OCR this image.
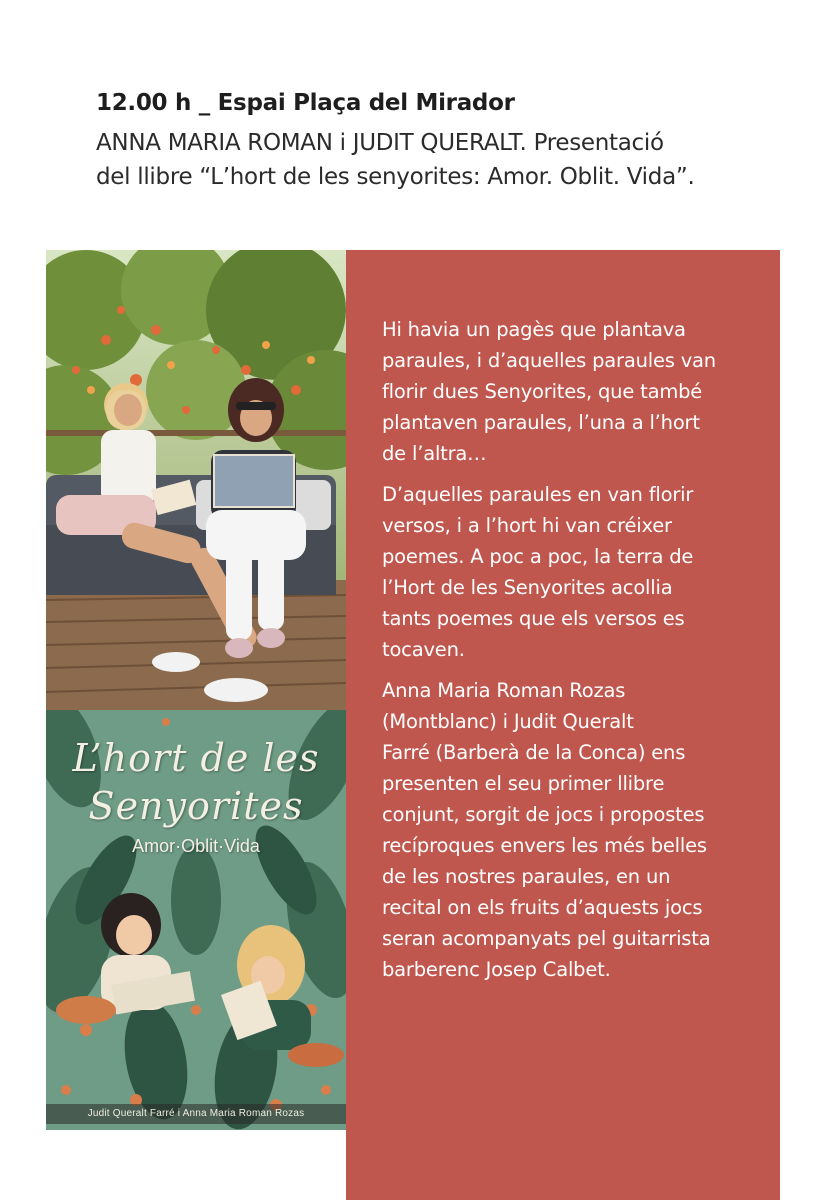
12.00 h _ Espai Plaça del Mirador
ANNA MARIA ROMAN i JUDIT QUERALT. Presentació
del llibre “L’hort de les senyorites: Amor. Oblit. Vida”.
L’hort de les
Senyorites
Amor·Oblit·Vida
Judit Queralt Farré i Anna Maria Roman Rozas

Hi havia un pagès que plantava
paraules, i d’aquelles paraules van
florir dues Senyorites, que també
plantaven paraules, l’una a l’hort
de l’altra…

D’aquelles paraules en van florir
versos, i a l’hort hi van créixer
poemes. A poc a poc, la terra de
l’Hort de les Senyorites acollia
tants poemes que els versos es
tocaven.

Anna Maria Roman Rozas
(Montblanc) i Judit Queralt
Farré (Barberà de la Conca) ens
presenten el seu primer llibre
conjunt, sorgit de jocs i propostes
recíproques envers les més belles
de les nostres paraules, en un
recital on els fruits d’aquests jocs
seran acompanyats pel guitarrista
barberenc Josep Calbet.
